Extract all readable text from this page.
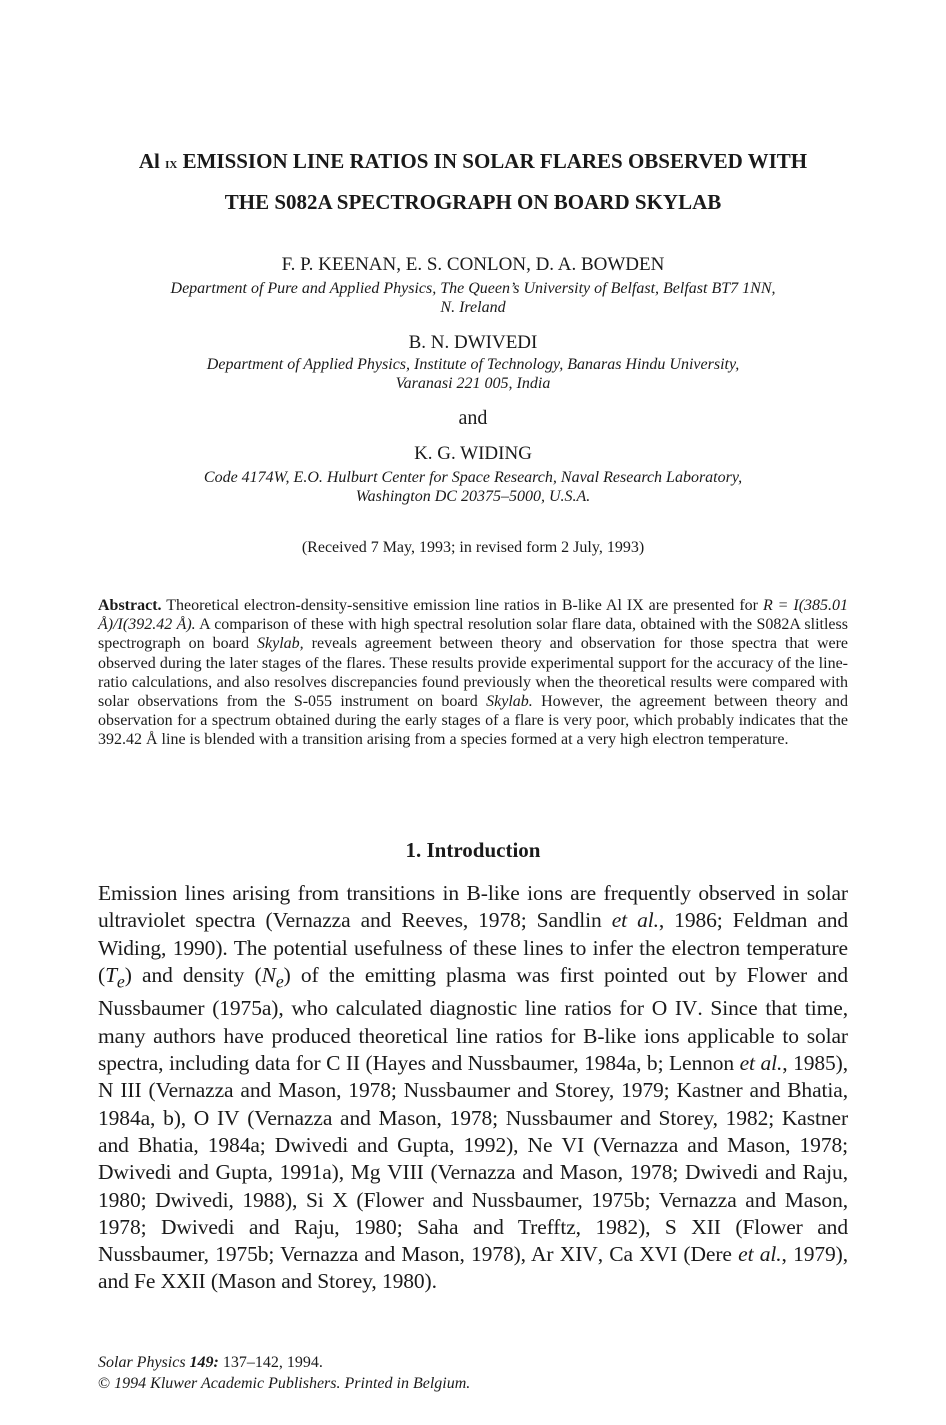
Al ix EMISSION LINE RATIOS IN SOLAR FLARES OBSERVED WITH
THE S082A SPECTROGRAPH ON BOARD SKYLAB
F. P. KEENAN, E. S. CONLON, D. A. BOWDEN
Department of Pure and Applied Physics, The Queen’s University of Belfast, Belfast BT7 1NN,
N. Ireland
B. N. DWIVEDI
Department of Applied Physics, Institute of Technology, Banaras Hindu University,
Varanasi 221 005, India
and
K. G. WIDING
Code 4174W, E.O. Hulburt Center for Space Research, Naval Research Laboratory,
Washington DC 20375–5000, U.S.A.
(Received 7 May, 1993; in revised form 2 July, 1993)
Abstract. Theoretical electron-density-sensitive emission line ratios in B-like Al IX are presented for R = I(385.01 Å)/I(392.42 Å). A comparison of these with high spectral resolution solar flare data, obtained with the S082A slitless spectrograph on board Skylab, reveals agreement between theory and observation for those spectra that were observed during the later stages of the flares. These results provide experimental support for the accuracy of the line-ratio calculations, and also resolves discrepancies found previously when the theoretical results were compared with solar observations from the S-055 instrument on board Skylab. However, the agreement between theory and observation for a spectrum obtained during the early stages of a flare is very poor, which probably indicates that the 392.42 Å line is blended with a transition arising from a species formed at a very high electron temperature.
1. Introduction
Emission lines arising from transitions in B-like ions are frequently observed in solar ultraviolet spectra (Vernazza and Reeves, 1978; Sandlin et al., 1986; Feldman and Widing, 1990). The potential usefulness of these lines to infer the electron temperature $(T_e)$ and density $(N_e)$ of the emitting plasma was first pointed out by Flower and Nussbaumer (1975a), who calculated diagnostic line ratios for O IV. Since that time, many authors have produced theoretical line ratios for B-like ions applicable to solar spectra, including data for C II (Hayes and Nussbaumer, 1984a, b; Lennon et al., 1985), N III (Vernazza and Mason, 1978; Nussbaumer and Storey, 1979; Kastner and Bhatia, 1984a, b), O IV (Vernazza and Mason, 1978; Nussbaumer and Storey, 1982; Kastner and Bhatia, 1984a; Dwivedi and Gupta, 1992), Ne VI (Vernazza and Mason, 1978; Dwivedi and Gupta, 1991a), Mg VIII (Vernazza and Mason, 1978; Dwivedi and Raju, 1980; Dwivedi, 1988), Si X (Flower and Nussbaumer, 1975b; Vernazza and Mason, 1978; Dwivedi and Raju, 1980; Saha and Trefftz, 1982), S XII (Flower and Nussbaumer, 1975b; Vernazza and Mason, 1978), Ar XIV, Ca XVI (Dere et al., 1979), and Fe XXII (Mason and Storey, 1980).
Solar Physics 149: 137–142, 1994.
© 1994 Kluwer Academic Publishers. Printed in Belgium.
